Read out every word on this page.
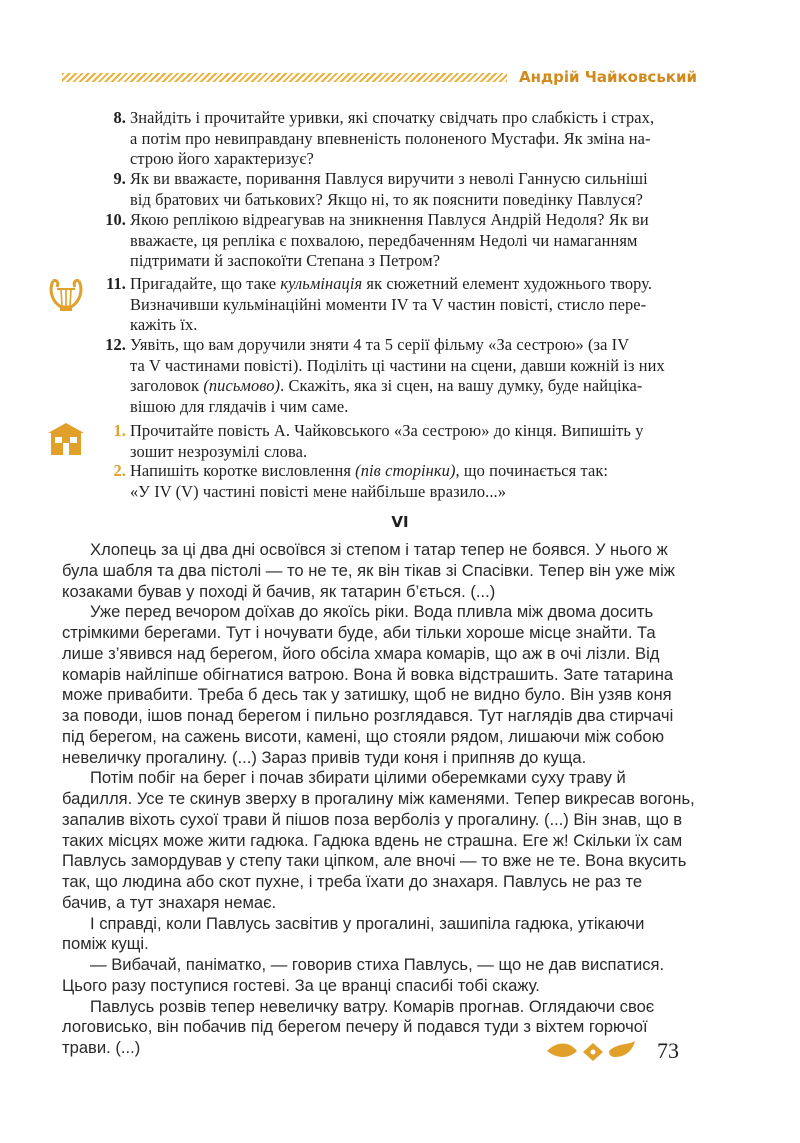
Андрій Чайковський
8. Знайдіть і прочитайте уривки, які спочатку свідчать про слабкість і страх,
а потім про невиправдану впевненість полоненого Мустафи. Як зміна на-
строю його характеризує?
9. Як ви вважаєте, поривання Павлуся виручити з неволі Ганнусю сильніші
від братових чи батькових? Якщо ні, то як пояснити поведінку Павлуся?
10. Якою реплікою відреагував на зникнення Павлуся Андрій Недоля? Як ви
вважаєте, ця репліка є похвалою, передбаченням Недолі чи намаганням
підтримати й заспокоїти Степана з Петром?
11. Пригадайте, що таке кульмінація як сюжетний елемент художнього твору.
Визначивши кульмінаційні моменти IV та V частин повісті, стисло пере-
кажіть їх.
12. Уявіть, що вам доручили зняти 4 та 5 серії фільму «За сестрою» (за IV
та V частинами повісті). Поділіть ці частини на сцени, давши кожній із них
заголовок (письмово). Скажіть, яка зі сцен, на вашу думку, буде найціка-
вішою для глядачів і чим саме.
1. Прочитайте повість А. Чайковського «За сестрою» до кінця. Випишіть у
зошит незрозумілі слова.
2. Напишіть коротке висловлення (пів сторінки), що починається так:
«У IV (V) частині повісті мене найбільше вразило...»
VI
Хлопець за ці два дні освоївся зі степом і татар тепер не боявся. У нього ж
була шабля та два пістолі — то не те, як він тікав зі Спасівки. Тепер він уже між
козаками бував у поході й бачив, як татарин б’ється. (...)
Уже перед вечором доїхав до якоїсь ріки. Вода пливла між двома досить
стрімкими берегами. Тут і ночувати буде, аби тільки хороше місце знайти. Та
лише з’явився над берегом, його обсіла хмара комарів, що аж в очі лізли. Від
комарів найліпше обігнатися ватрою. Вона й вовка відстрашить. Зате татарина
може привабити. Треба б десь так у затишку, щоб не видно було. Він узяв коня
за поводи, ішов понад берегом і пильно розглядався. Тут наглядів два стирчачі
під берегом, на сажень висоти, камені, що стояли рядом, лишаючи між собою
невеличку прогалину. (...) Зараз привів туди коня і припняв до куща.
Потім побіг на берег і почав збирати цілими оберемками суху траву й
бадилля. Усе те скинув зверху в прогалину між каменями. Тепер викресав вогонь,
запалив віхоть сухої трави й пішов поза верболіз у прогалину. (...) Він знав, що в
таких місцях може жити гадюка. Гадюка вдень не страшна. Еге ж! Скільки їх сам
Павлусь замордував у степу таки ціпком, але вночі — то вже не те. Вона вкусить
так, що людина або скот пухне, і треба їхати до знахаря. Павлусь не раз те
бачив, а тут знахаря немає.
І справді, коли Павлусь засвітив у прогалині, зашипіла гадюка, утікаючи
поміж кущі.
— Вибачай, паніматко, — говорив стиха Павлусь, — що не дав виспатися.
Цього разу поступися гостеві. За це вранці спасибі тобі скажу.
Павлусь розвів тепер невеличку ватру. Комарів прогнав. Оглядаючи своє
логовисько, він побачив під берегом печеру й подався туди з віхтем горючої
трави. (...)	73
